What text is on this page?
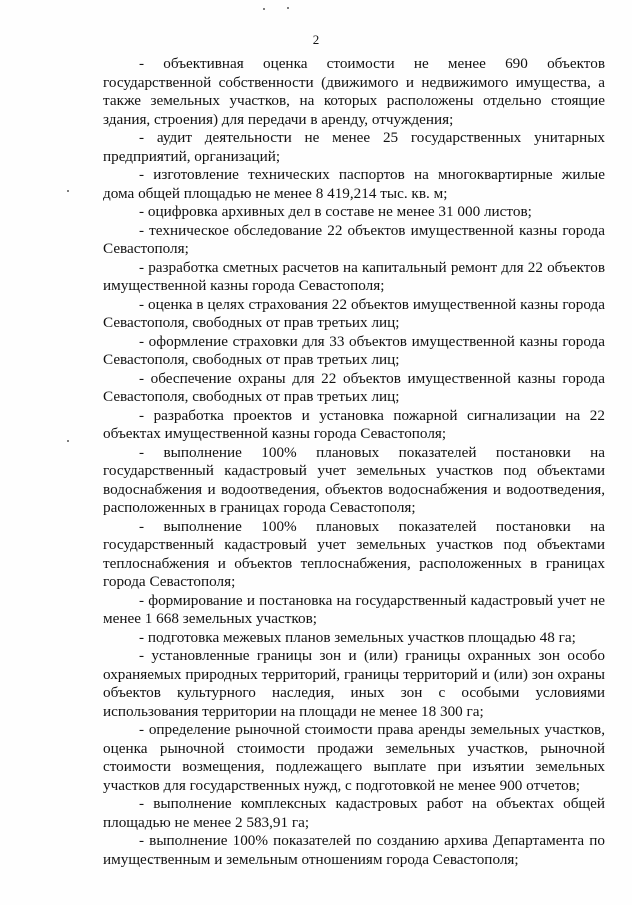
2

- объективная оценка стоимости не менее 690 объектов государственной собственности (движимого и недвижимого имущества, а также земельных участков, на которых расположены отдельно стоящие здания, строения) для передачи в аренду, отчуждения;

- аудит деятельности не менее 25 государственных унитарных предприятий, организаций;

- изготовление технических паспортов на многоквартирные жилые дома общей площадью не менее 8 419,214 тыс. кв. м;

- оцифровка архивных дел в составе не менее 31 000 листов;

- техническое обследование 22 объектов имущественной казны города Севастополя;

- разработка сметных расчетов на капитальный ремонт для 22 объектов имущественной казны города Севастополя;

- оценка в целях страхования 22 объектов имущественной казны города Севастополя, свободных от прав третьих лиц;

- оформление страховки для 33 объектов имущественной казны города Севастополя, свободных от прав третьих лиц;

- обеспечение охраны для 22 объектов имущественной казны города Севастополя, свободных от прав третьих лиц;

- разработка проектов и установка пожарной сигнализации на 22 объектах имущественной казны города Севастополя;

- выполнение 100% плановых показателей постановки на государственный кадастровый учет земельных участков под объектами водоснабжения и водоотведения, объектов водоснабжения и водоотведения, расположенных в границах города Севастополя;

- выполнение 100% плановых показателей постановки на государственный кадастровый учет земельных участков под объектами теплоснабжения и объектов теплоснабжения, расположенных в границах города Севастополя;

- формирование и постановка на государственный кадастровый учет не менее 1 668 земельных участков;

- подготовка межевых планов земельных участков площадью 48 га;

- установленные границы зон и (или) границы охранных зон особо охраняемых природных территорий, границы территорий и (или) зон охраны объектов культурного наследия, иных зон с особыми условиями использования территории на площади не менее 18 300 га;

- определение рыночной стоимости права аренды земельных участков, оценка рыночной стоимости продажи земельных участков, рыночной стоимости возмещения, подлежащего выплате при изъятии земельных участков для государственных нужд, с подготовкой не менее 900 отчетов;

- выполнение комплексных кадастровых работ на объектах общей площадью не менее 2 583,91 га;

- выполнение 100% показателей по созданию архива Департамента по имущественным и земельным отношениям города Севастополя;
